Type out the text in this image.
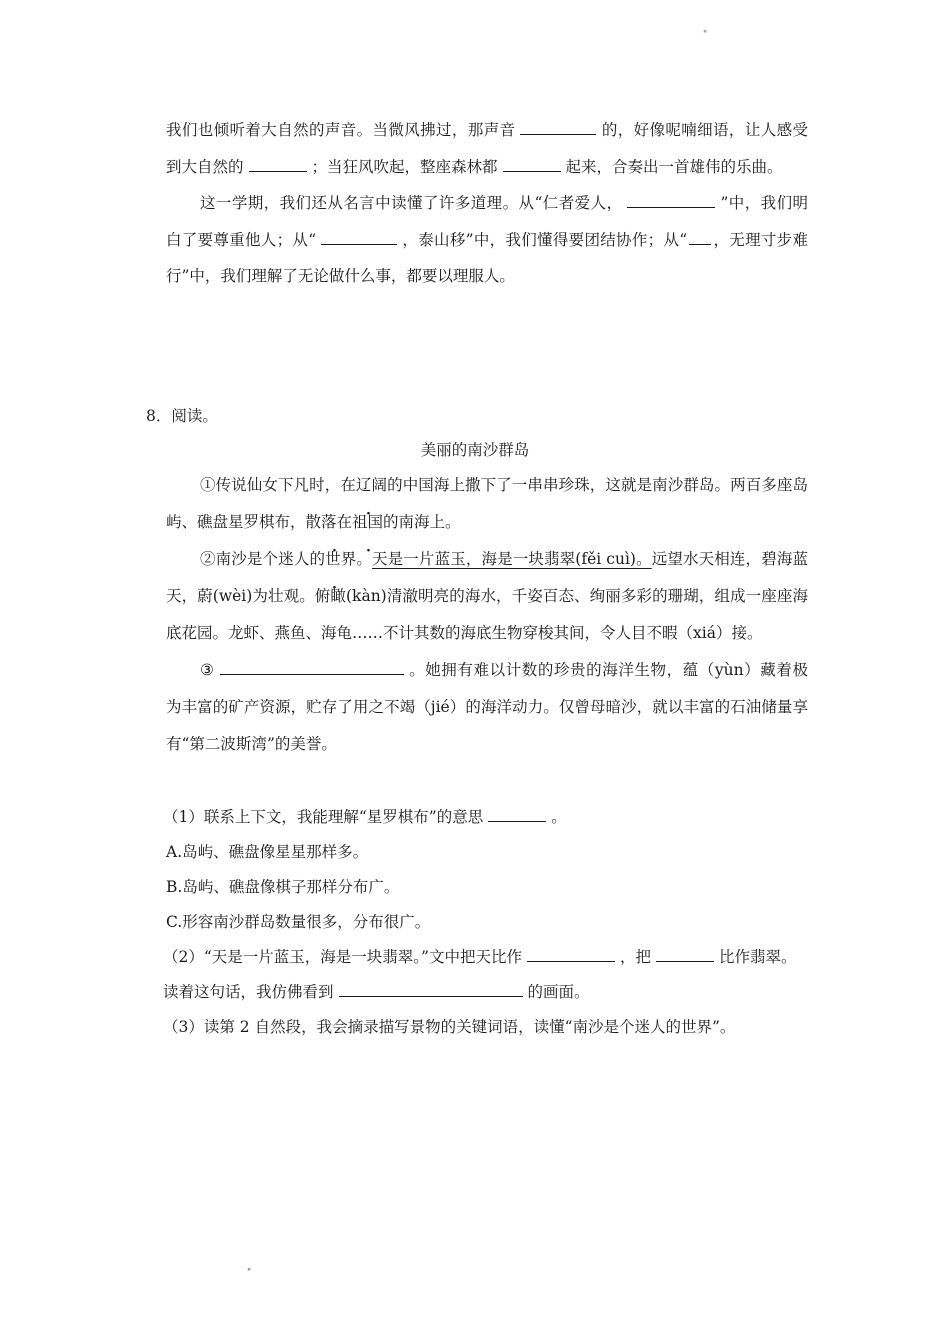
"

我们也倾听着大自然的声音。当微风拂过，那声音	的，好像呢喃细语，让人感受到大自然的	；当狂风吹起，整座森林都	起来，合奏出一首雄伟的乐曲。

这一学期，我们还从名言中读懂了许多道理。从“仁者爱人，	”中，我们明白了要尊重他人；从“	，泰山移”中，我们懂得要团结协作；从“ ，无理寸步难行”中，我们理解了无论做什么事，都要以理服人。

8．阅读。
美丽的南沙群岛

①传说仙女下凡时，在辽阔的中国海上撒下了一串串珍珠，这就是南沙群岛。两百多座岛屿、礁盘星罗棋布 · · · ·，散落在祖国的南海上。

②南沙是个迷人的世界。天是一片蓝玉，海是一块翡翠(fěi cuì)。远望水天相连，碧海蓝天，蔚(wèi)为壮观。俯瞰(kàn)清澈明亮的海水，千姿百态、绚丽多彩的珊瑚，组成一座座海底花园。龙虾、燕鱼、海龟……不计其数的海底生物穿梭其间，令人目不暇（xiá）接。

③	。她拥有难以计数的珍贵的海洋生物，蕴（yùn）藏着极为丰富的矿产资源，贮存了用之不竭（jié）的海洋动力。仅曾母暗沙，就以丰富的石油储量享有“第二波斯湾”的美誉。

（1）联系上下文，我能理解“星罗棋布”的意思	。

A.岛屿、礁盘像星星那样多。

B.岛屿、礁盘像棋子那样分布广。

C.形容南沙群岛数量很多，分布很广。

（2）“天是一片蓝玉，海是一块翡翠。”文中把天比作	，把	比作翡翠。读着这句话，我仿佛看到	的画面。

（3）读第 2 自然段，我会摘录描写景物的关键词语，读懂“南沙是个迷人的世界”。

"
